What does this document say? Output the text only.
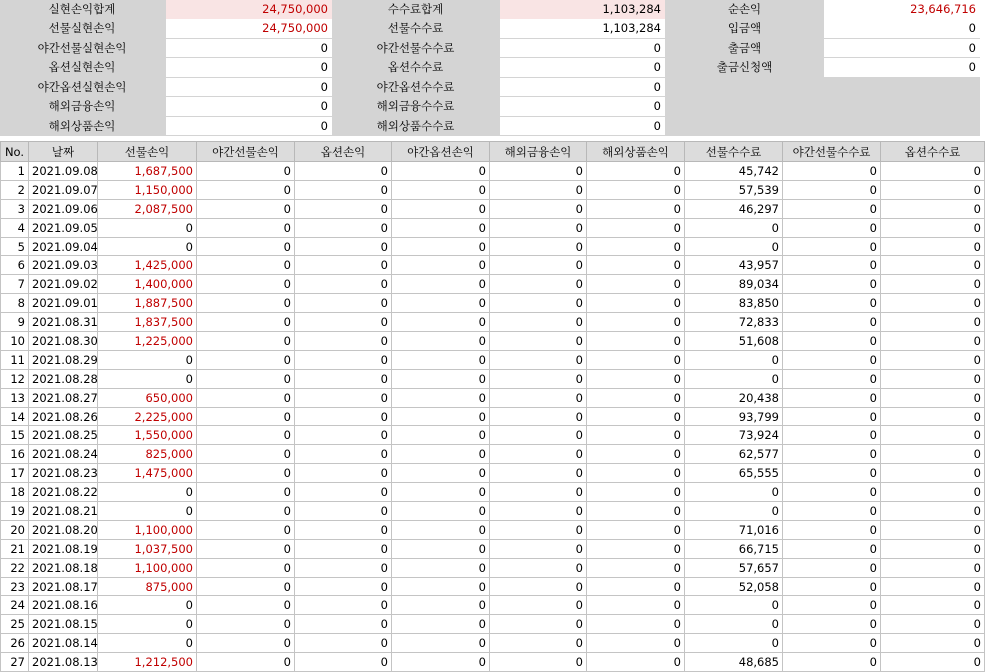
실현손익합계	24,750,000	수수료합계	1,103,284	순손익	23,646,716
선물실현손익	24,750,000	선물수수료	1,103,284	입금액	0
야간선물실현손익	0	야간선물수수료	0	출금액	0
옵션실현손익	0	옵션수수료	0	출금신청액	0
야간옵션실현손익	0	야간옵션수수료	0
해외금융손익	0	해외금융수수료	0
해외상품손익	0	해외상품수수료	0
No.	날짜	선물손익	야간선물손익	옵션손익	야간옵션손익	해외금융손익	해외상품손익	선물수수료	야간선물수수료	옵션수수료
1	2021.09.08	1,687,500	0	0	0	0	0	45,742	0	0
2	2021.09.07	1,150,000	0	0	0	0	0	57,539	0	0
3	2021.09.06	2,087,500	0	0	0	0	0	46,297	0	0
4	2021.09.05	0	0	0	0	0	0	0	0	0
5	2021.09.04	0	0	0	0	0	0	0	0	0
6	2021.09.03	1,425,000	0	0	0	0	0	43,957	0	0
7	2021.09.02	1,400,000	0	0	0	0	0	89,034	0	0
8	2021.09.01	1,887,500	0	0	0	0	0	83,850	0	0
9	2021.08.31	1,837,500	0	0	0	0	0	72,833	0	0
10	2021.08.30	1,225,000	0	0	0	0	0	51,608	0	0
11	2021.08.29	0	0	0	0	0	0	0	0	0
12	2021.08.28	0	0	0	0	0	0	0	0	0
13	2021.08.27	650,000	0	0	0	0	0	20,438	0	0
14	2021.08.26	2,225,000	0	0	0	0	0	93,799	0	0
15	2021.08.25	1,550,000	0	0	0	0	0	73,924	0	0
16	2021.08.24	825,000	0	0	0	0	0	62,577	0	0
17	2021.08.23	1,475,000	0	0	0	0	0	65,555	0	0
18	2021.08.22	0	0	0	0	0	0	0	0	0
19	2021.08.21	0	0	0	0	0	0	0	0	0
20	2021.08.20	1,100,000	0	0	0	0	0	71,016	0	0
21	2021.08.19	1,037,500	0	0	0	0	0	66,715	0	0
22	2021.08.18	1,100,000	0	0	0	0	0	57,657	0	0
23	2021.08.17	875,000	0	0	0	0	0	52,058	0	0
24	2021.08.16	0	0	0	0	0	0	0	0	0
25	2021.08.15	0	0	0	0	0	0	0	0	0
26	2021.08.14	0	0	0	0	0	0	0	0	0
27	2021.08.13	1,212,500	0	0	0	0	0	48,685	0	0
